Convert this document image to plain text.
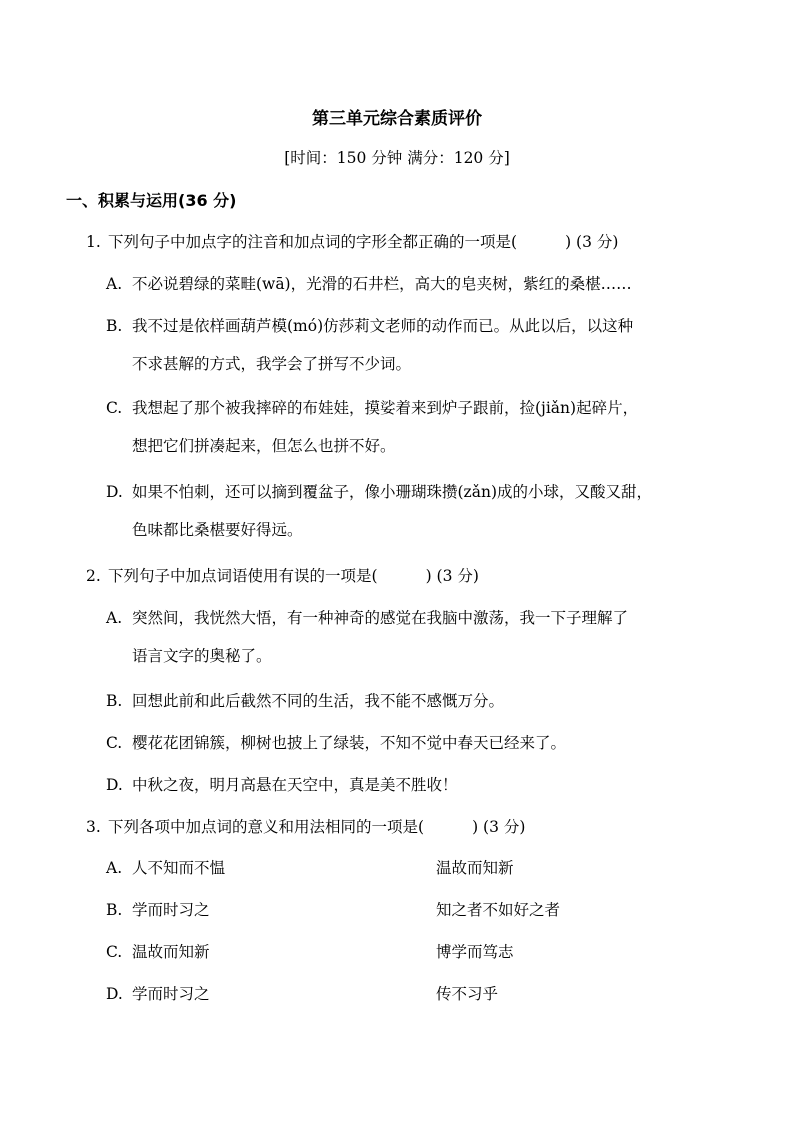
第三单元综合素质评价
[时间：150 分钟 满分：120 分]
一、积累与运用(36 分)
1. 下列句子中加点字的注音和加点词的字形全都正确的一项是(	) (3 分)
A. 不必说碧绿的菜畦(wā)，光滑的石井栏，高大的皂夹树，紫红的桑椹……
B. 我不过是依样画葫芦模(mó)仿莎莉文老师的动作而已。从此以后，以这种
不求甚解的方式，我学会了拼写不少词。
C. 我想起了那个被我摔碎的布娃娃，摸娑着来到炉子跟前，捡(jiǎn)起碎片，
想把它们拼凑起来，但怎么也拼不好。
D. 如果不怕刺，还可以摘到覆盆子，像小珊瑚珠攒(zǎn)成的小球，又酸又甜，
色味都比桑椹要好得远。
2. 下列句子中加点词语使用有误的一项是(	) (3 分)
A. 突然间，我恍然大悟，有一种神奇的感觉在我脑中激荡，我一下子理解了
语言文字的奥秘了。
B. 回想此前和此后截然不同的生活，我不能不感慨万分。
C. 樱花花团锦簇，柳树也披上了绿装，不知不觉中春天已经来了。
D. 中秋之夜，明月高悬在天空中，真是美不胜收！
3. 下列各项中加点词的意义和用法相同的一项是(	) (3 分)
A. 人不知而不愠	温故而知新
B. 学而时习之	知之者不如好之者
C. 温故而知新	博学而笃志
D. 学而时习之	传不习乎
